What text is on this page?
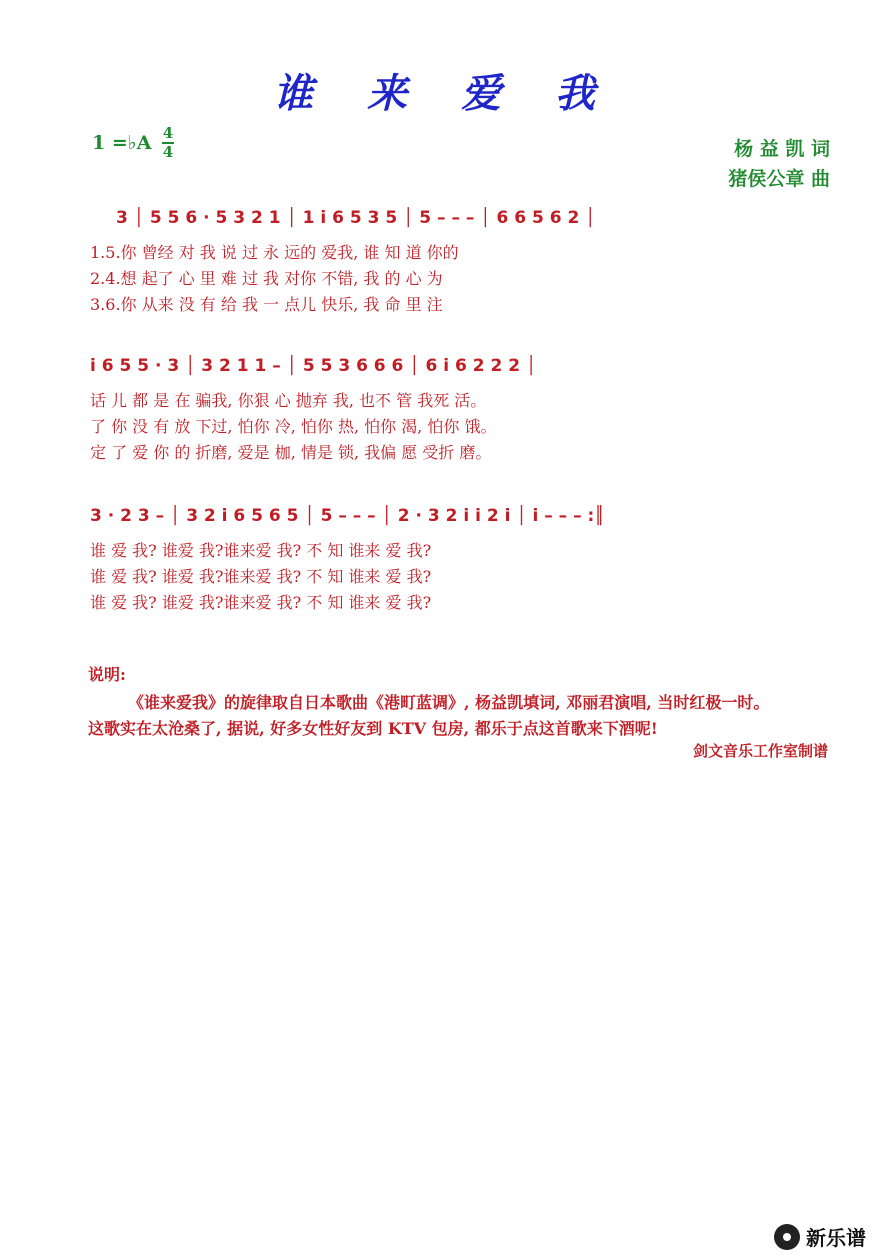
谁 来 爱 我
1 =♭A 4
4	杨 益 凯 词
猪侯公章 曲
3 │ 5 5 6 · 5 3 2 1 │ 1 i 6 5 3 5 │ 5 – – – │ 6 6 5 6 2 │
1.5.你 曾经 对 我 说 过 永 远的 爱我, 谁 知 道 你的
2.4.想 起了 心 里 难 过 我 对你 不错, 我 的 心 为
3.6.你 从来 没 有 给 我 一 点儿 快乐, 我 命 里 注
i 6 5 5 · 3 │ 3 2 1 1 – │ 5 5 3 6 6 6 │ 6 i 6 2 2 2 │
话 儿 都 是 在 骗我, 你狠 心 抛弃 我, 也不 管 我死 活。
了 你 没 有 放 下过, 怕你 冷, 怕你 热, 怕你 渴, 怕你 饿。
定 了 爱 你 的 折磨, 爱是 枷, 情是 锁, 我偏 愿 受折 磨。
3 · 2 3 – │ 3 2 i 6 5 6 5 │ 5 – – – │ 2 · 3 2 i i 2 i │ i – – – :║
谁 爱 我? 谁爱 我?谁来爱 我? 不 知 谁来 爱 我?
谁 爱 我? 谁爱 我?谁来爱 我? 不 知 谁来 爱 我?
谁 爱 我? 谁爱 我?谁来爱 我? 不 知 谁来 爱 我?
说明:
《谁来爱我》的旋律取自日本歌曲《港町蓝调》, 杨益凯填词, 邓丽君演唱, 当时红极一时。
这歌实在太沧桑了, 据说, 好多女性好友到 KTV 包房, 都乐于点这首歌来下酒呢!
剑文音乐工作室制谱
新乐谱
